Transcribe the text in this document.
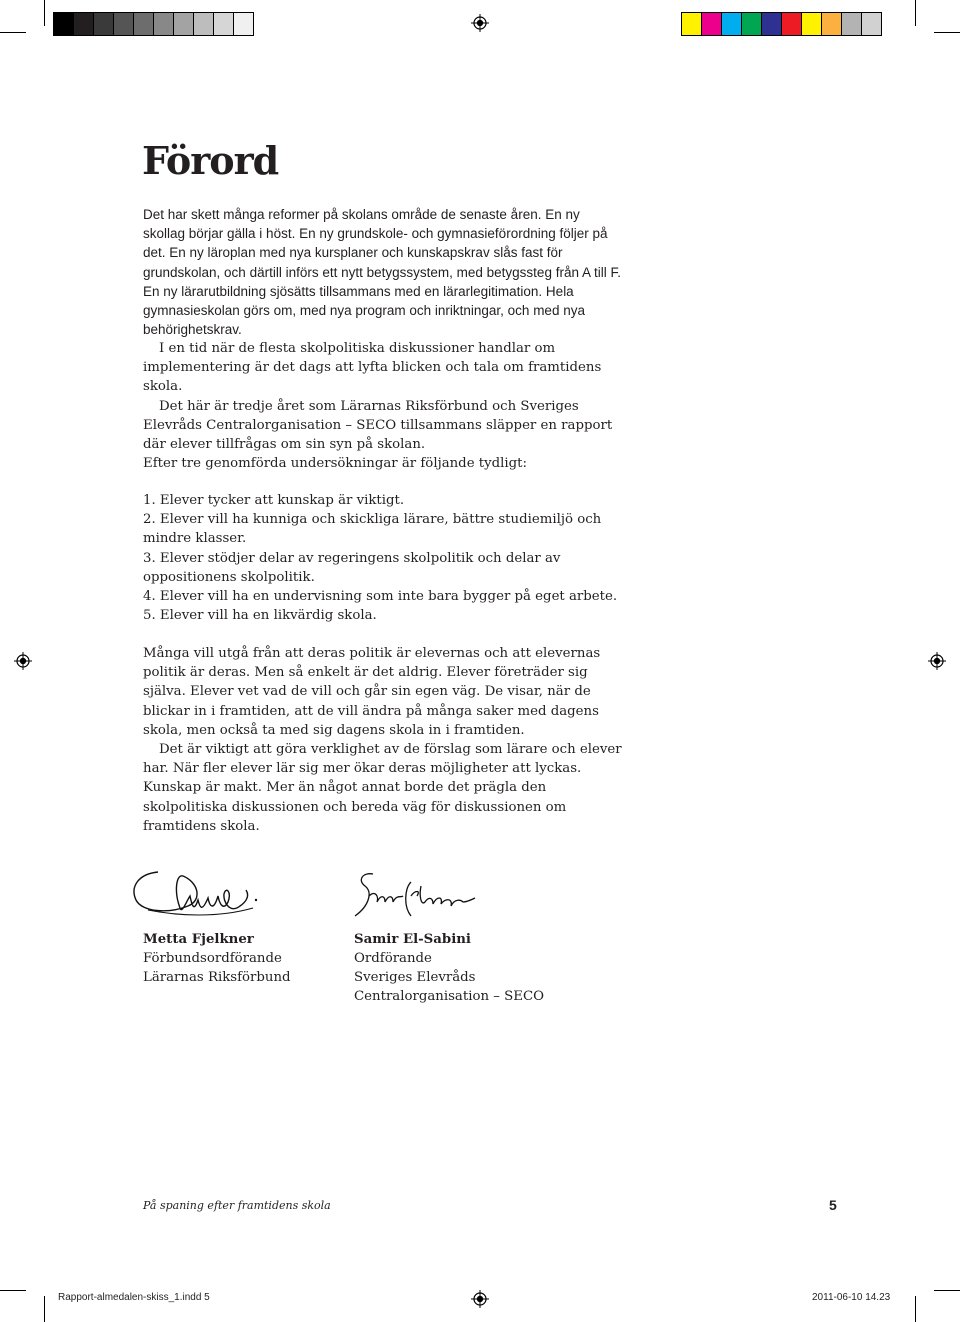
Förord

Det har skett många reformer på skolans område de senaste åren. En ny skollag börjar gälla i höst. En ny grundskole- och gymnasieförordning följer på det. En ny läroplan med nya kursplaner och kunskapskrav slås fast för grundskolan, och därtill införs ett nytt betygssystem, med betygssteg från A till F. En ny lärarutbildning sjösätts tillsammans med en lärarlegitimation. Hela gymnasieskolan görs om, med nya program och inriktningar, och med nya behörighetskrav.

I en tid när de flesta skolpolitiska diskussioner handlar om implementering är det dags att lyfta blicken och tala om framtidens skola.

Det här är tredje året som Lärarnas Riksförbund och Sveriges Elevråds Centralorganisation – SECO tillsammans släpper en rapport där elever tillfrågas om sin syn på skolan.

Efter tre genomförda undersökningar är följande tydligt:

1. Elever tycker att kunskap är viktigt.

2. Elever vill ha kunniga och skickliga lärare, bättre studiemiljö och mindre klasser.

3. Elever stödjer delar av regeringens skolpolitik och delar av oppositionens skolpolitik.

4. Elever vill ha en undervisning som inte bara bygger på eget arbete.

5. Elever vill ha en likvärdig skola.

Många vill utgå från att deras politik är elevernas och att elevernas politik är deras. Men så enkelt är det aldrig. Elever företräder sig själva. Elever vet vad de vill och går sin egen väg. De visar, när de blickar in i framtiden, att de vill ändra på många saker med dagens skola, men också ta med sig dagens skola in i framtiden.

Det är viktigt att göra verklighet av de förslag som lärare och elever har. När fler elever lär sig mer ökar deras möjligheter att lyckas. Kunskap är makt. Mer än något annat borde det prägla den skolpolitiska diskussionen och bereda väg för diskussionen om framtidens skola.

Metta Fjelkner
Förbundsordförande
Lärarnas Riksförbund
Samir El-Sabini
Ordförande
Sveriges Elevråds
Centralorganisation – SECO
På spaning efter framtidens skola	5
Rapport-almedalen-skiss_1.indd 5	2011-06-10 14.23
